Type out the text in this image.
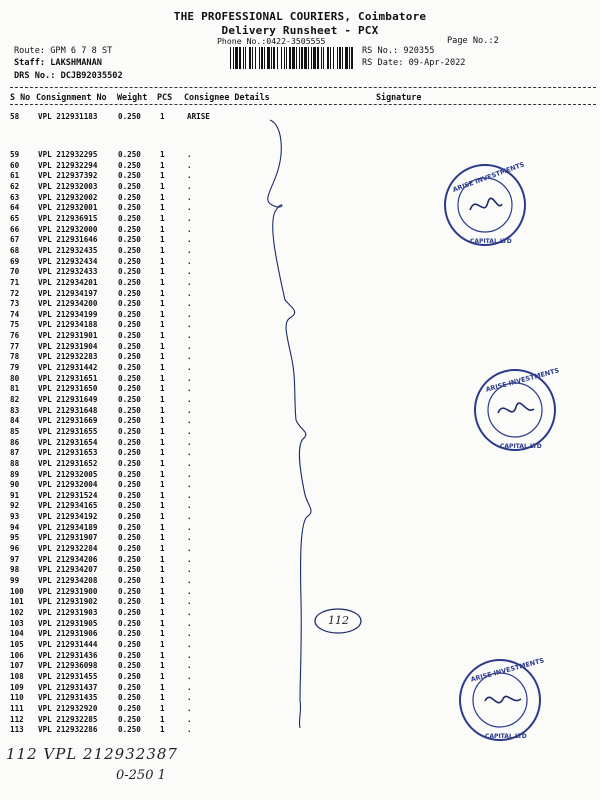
THE PROFESSIONAL COURIERS, Coimbatore
Delivery Runsheet - PCX
Phone No.:0422-3505555	Page No.:2
Route: GPM 6 7 8 ST
Staff: LAKSHMANAN
DRS No.: DCJB92035502
RS No.: 920355
RS Date: 09-Apr-2022
S No Consignment No Weight PCS Consignee Details	Signature
58 VPL 212931183	0.250	1	ARISE
59 VPL 212932295	0.250	1	.
60 VPL 212932294	0.250	1	.
61 VPL 212937392	0.250	1	.
62 VPL 212932003	0.250	1	.
63 VPL 212932002	0.250	1	.
64 VPL 212932001	0.250	1	.
65 VPL 212936915	0.250	1	.
66 VPL 212932000	0.250	1	.
67 VPL 212931646	0.250	1	.
68 VPL 212932435	0.250	1	.
69 VPL 212932434	0.250	1	.
70 VPL 212932433	0.250	1	.
71 VPL 212934201	0.250	1	.
72 VPL 212934197	0.250	1	.
73 VPL 212934200	0.250	1	.
74 VPL 212934199	0.250	1	.
75 VPL 212934188	0.250	1	.
76 VPL 212931901	0.250	1	.
77 VPL 212931904	0.250	1	.
78 VPL 212932283	0.250	1	.
79 VPL 212931442	0.250	1	.
80 VPL 212931651	0.250	1	.
81 VPL 212931650	0.250	1	.
82 VPL 212931649	0.250	1	.
83 VPL 212931648	0.250	1	.
84 VPL 212931669	0.250	1	.
85 VPL 212931655	0.250	1	.
86 VPL 212931654	0.250	1	.
87 VPL 212931653	0.250	1	.
88 VPL 212931652	0.250	1	.
89 VPL 212932005	0.250	1	.
90 VPL 212932004	0.250	1	.
91 VPL 212931524	0.250	1	.
92 VPL 212934165	0.250	1	.
93 VPL 212934192	0.250	1	.
94 VPL 212934189	0.250	1	.
95 VPL 212931907	0.250	1	.
96 VPL 212932284	0.250	1	.
97 VPL 212934206	0.250	1	.
98 VPL 212934207	0.250	1	.
99 VPL 212934208	0.250	1	.
100 VPL 212931900	0.250	1	.
101 VPL 212931902	0.250	1	.
102 VPL 212931903	0.250	1	.
103 VPL 212931905	0.250	1	.
104 VPL 212931906	0.250	1	.
105 VPL 212931444	0.250	1	.
106 VPL 212931436	0.250	1	.
107 VPL 212936098	0.250	1	.
108 VPL 212931455	0.250	1	.
109 VPL 212931437	0.250	1	.
110 VPL 212931435	0.250	1	.
111 VPL 212932920	0.250	1	.
112 VPL 212932285	0.250	1	.
113 VPL 212932286	0.250	1	.
ARISE INVESTMENTS
CAPITAL LTD
ARISE INVESTMENTS
CAPITAL LTD
ARISE INVESTMENTS
CAPITAL LTD
112
112 VPL 212932387
0-250 1
